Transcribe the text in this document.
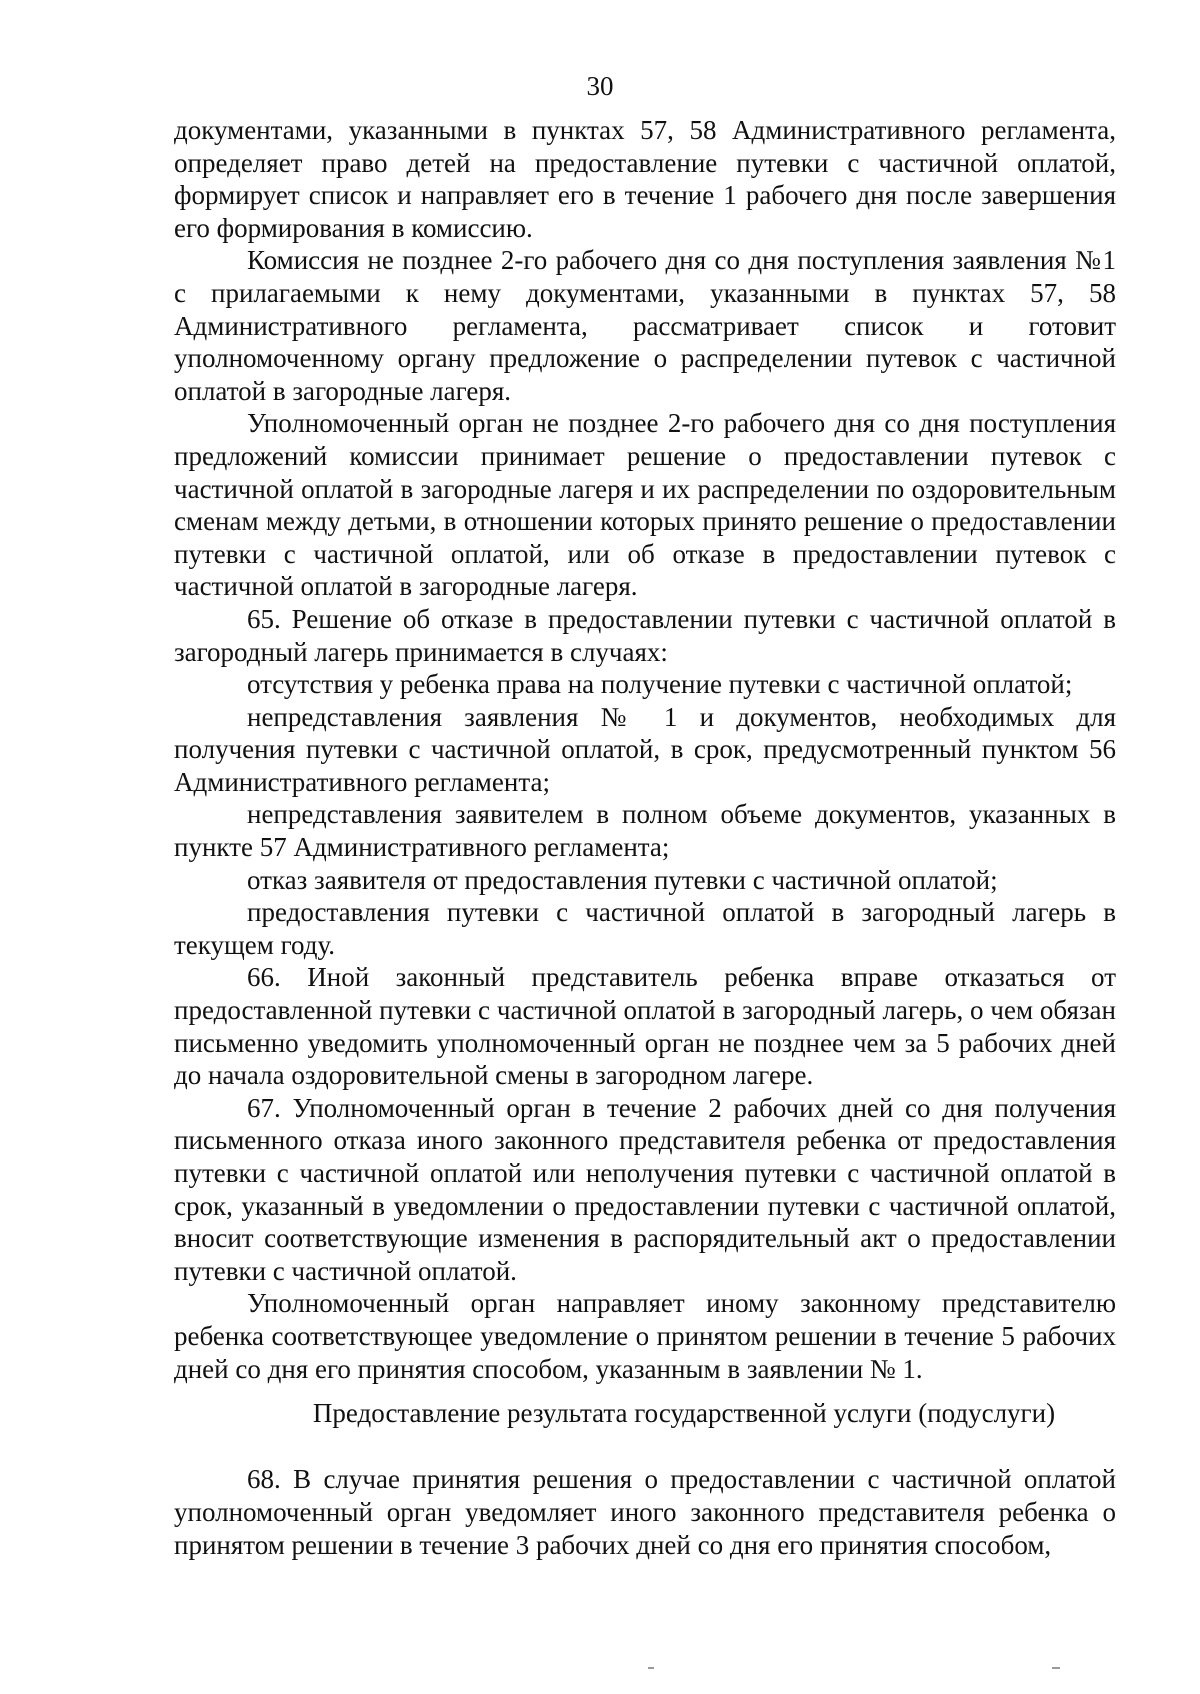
30

документами, указанными в пунктах 57, 58 Административного регламента, определяет право детей на предоставление путевки с частичной оплатой, формирует список и направляет его в течение 1 рабочего дня после завершения его формирования в комиссию.

Комиссия не позднее 2-го рабочего дня со дня поступления заявления №1 с прилагаемыми к нему документами, указанными в пунктах 57, 58 Административного регламента, рассматривает список и готовит уполномоченному органу предложение о распределении путевок с частичной оплатой в загородные лагеря.

Уполномоченный орган не позднее 2-го рабочего дня со дня поступления предложений комиссии принимает решение о предоставлении путевок с частичной оплатой в загородные лагеря и их распределении по оздоровительным сменам между детьми, в отношении которых принято решение о предоставлении путевки с частичной оплатой, или об отказе в предоставлении путевок с частичной оплатой в загородные лагеря.

65. Решение об отказе в предоставлении путевки с частичной оплатой в загородный лагерь принимается в случаях:

отсутствия у ребенка права на получение путевки с частичной оплатой;

непредставления заявления № 1 и документов, необходимых для получения путевки с частичной оплатой, в срок, предусмотренный пунктом 56 Административного регламента;

непредставления заявителем в полном объеме документов, указанных в пункте 57 Административного регламента;

отказ заявителя от предоставления путевки с частичной оплатой;

предоставления путевки с частичной оплатой в загородный лагерь в текущем году.

66. Иной законный представитель ребенка вправе отказаться от предоставленной путевки с частичной оплатой в загородный лагерь, о чем обязан письменно уведомить уполномоченный орган не позднее чем за 5 рабочих дней до начала оздоровительной смены в загородном лагере.

67. Уполномоченный орган в течение 2 рабочих дней со дня получения письменного отказа иного законного представителя ребенка от предоставления путевки с частичной оплатой или неполучения путевки с частичной оплатой в срок, указанный в уведомлении о предоставлении путевки с частичной оплатой, вносит соответствующие изменения в распорядительный акт о предоставлении путевки с частичной оплатой.

Уполномоченный орган направляет иному законному представителю ребенка соответствующее уведомление о принятом решении в течение 5 рабочих дней со дня его принятия способом, указанным в заявлении № 1.

Предоставление результата государственной услуги (подуслуги)

68. В случае принятия решения о предоставлении с частичной оплатой уполномоченный орган уведомляет иного законного представителя ребенка о принятом решении в течение 3 рабочих дней со дня его принятия способом,
